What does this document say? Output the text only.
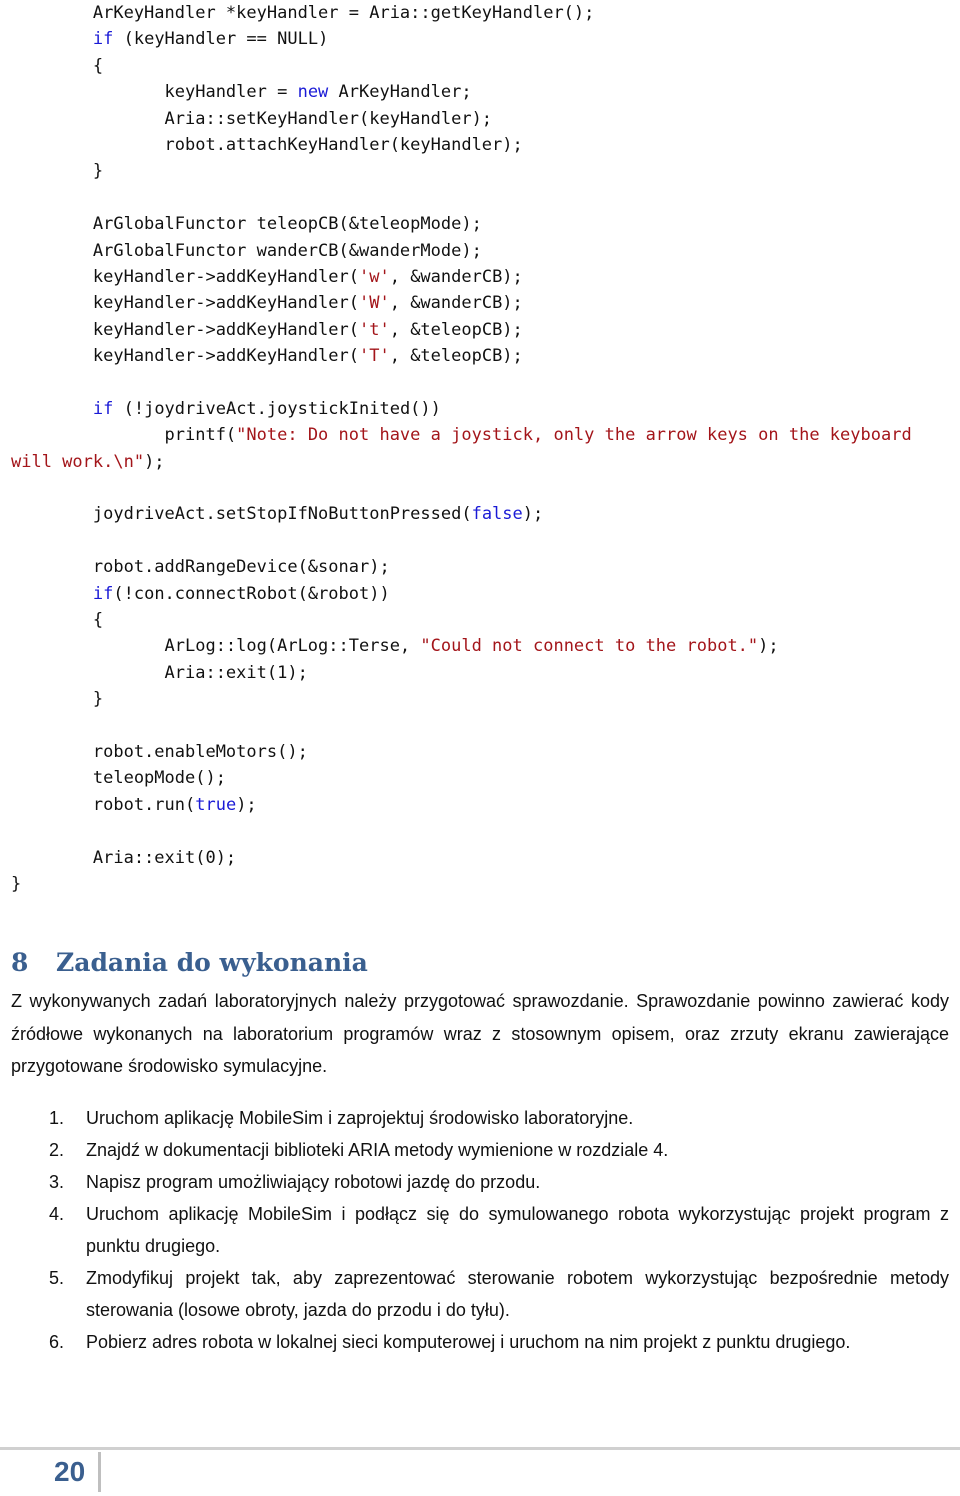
ArKeyHandler *keyHandler = Aria::getKeyHandler();
if (keyHandler == NULL)
{
keyHandler = new ArKeyHandler;
Aria::setKeyHandler(keyHandler);
robot.attachKeyHandler(keyHandler);
}
ArGlobalFunctor teleopCB(&teleopMode);
ArGlobalFunctor wanderCB(&wanderMode);
keyHandler->addKeyHandler('w', &wanderCB);
keyHandler->addKeyHandler('W', &wanderCB);
keyHandler->addKeyHandler('t', &teleopCB);
keyHandler->addKeyHandler('T', &teleopCB);
if (!joydriveAct.joystickInited())
printf("Note: Do not have a joystick, only the arrow keys on the keyboard
will work.\n");
joydriveAct.setStopIfNoButtonPressed(false);
robot.addRangeDevice(&sonar);
if(!con.connectRobot(&robot))
{
ArLog::log(ArLog::Terse, "Could not connect to the robot.");
Aria::exit(1);
}
robot.enableMotors();
teleopMode();
robot.run(true);
Aria::exit(0);
}
8 Zadania do wykonania

Z wykonywanych zadań laboratoryjnych należy przygotować sprawozdanie. Sprawozdanie powinno zawierać kody źródłowe wykonanych na laboratorium programów wraz z stosownym opisem, oraz zrzuty ekranu zawierające przygotowane środowisko symulacyjne.

1. Uruchom aplikację MobileSim i zaprojektuj środowisko laboratoryjne.
2. Znajdź w dokumentacji biblioteki ARIA metody wymienione w rozdziale 4.
3. Napisz program umożliwiający robotowi jazdę do przodu.
4. Uruchom aplikację MobileSim i podłącz się do symulowanego robota wykorzystując projekt program z punktu drugiego.
5. Zmodyfikuj projekt tak, aby zaprezentować sterowanie robotem wykorzystując bezpośrednie metody sterowania (losowe obroty, jazda do przodu i do tyłu).
6. Pobierz adres robota w lokalnej sieci komputerowej i uruchom na nim projekt z punktu drugiego.
20
